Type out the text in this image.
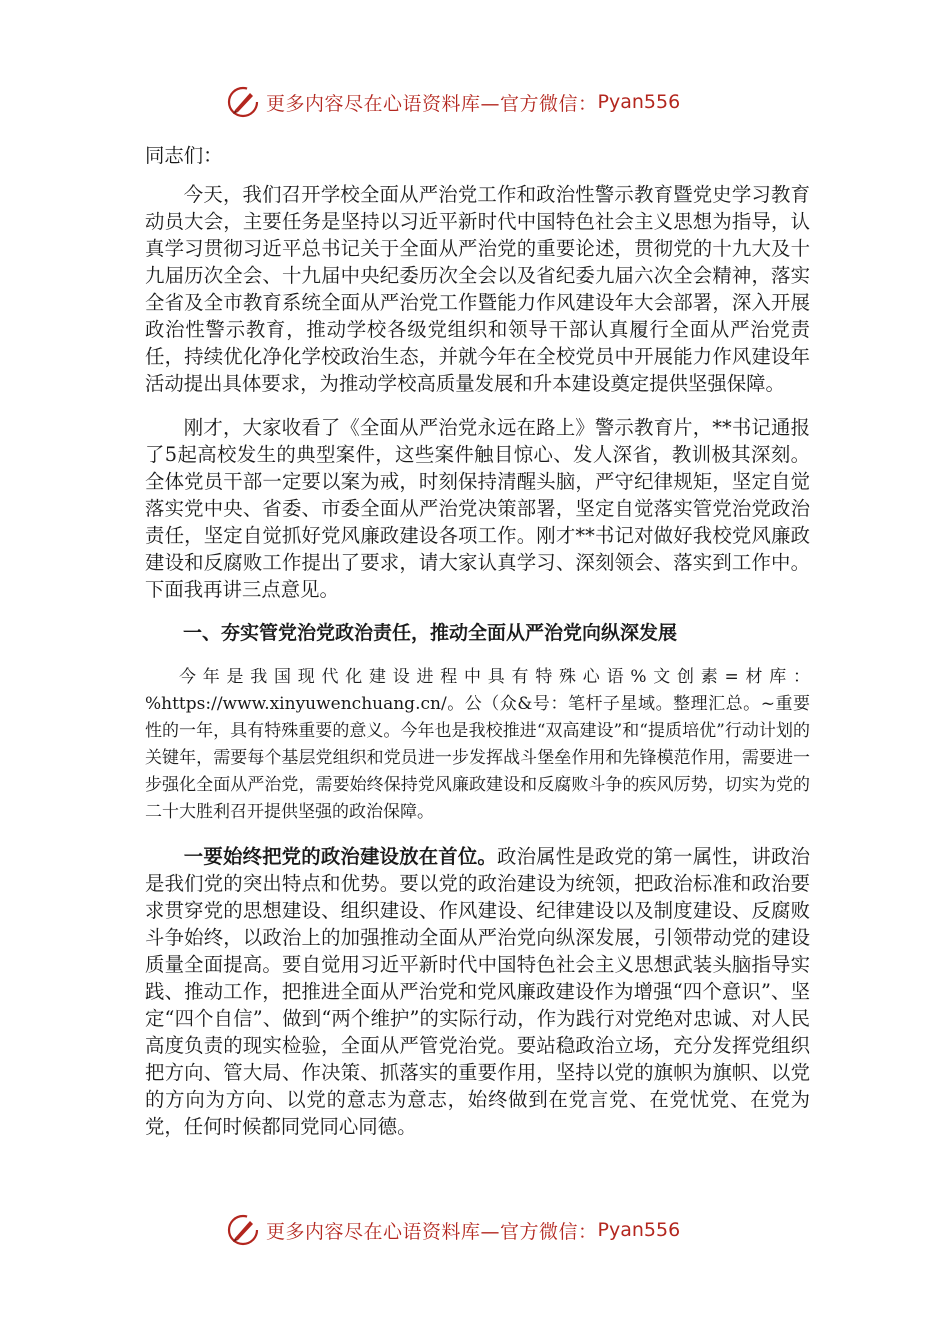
更多内容尽在心语资料库—官方微信： Pyan556

同志们：

今天，我们召开学校全面从严治党工作和政治性警示教育暨党史学习教育动员大会，主要任务是坚持以习近平新时代中国特色社会主义思想为指导，认真学习贯彻习近平总书记关于全面从严治党的重要论述，贯彻党的十九大及十九届历次全会、十九届中央纪委历次全会以及省纪委九届六次全会精神，落实全省及全市教育系统全面从严治党工作暨能力作风建设年大会部署，深入开展政治性警示教育，推动学校各级党组织和领导干部认真履行全面从严治党责任，持续优化净化学校政治生态，并就今年在全校党员中开展能力作风建设年活动提出具体要求，为推动学校高质量发展和升本建设奠定提供坚强保障。

刚才，大家收看了《全面从严治党永远在路上》警示教育片，**书记通报了5起高校发生的典型案件，这些案件触目惊心、发人深省，教训极其深刻。全体党员干部一定要以案为戒，时刻保持清醒头脑，严守纪律规矩，坚定自觉落实党中央、省委、市委全面从严治党决策部署，坚定自觉落实管党治党政治责任，坚定自觉抓好党风廉政建设各项工作。刚才**书记对做好我校党风廉政建设和反腐败工作提出了要求，请大家认真学习、深刻领会、落实到工作中。下面我再讲三点意见。

一、夯实管党治党政治责任，推动全面从严治党向纵深发展

今年是我国现代化建设进程中具有特殊心语%文创素=材库：%https://www.xinyuwenchuang.cn/。公（众&号：笔杆子星域。整理汇总。~重要性的一年，具有特殊重要的意义。今年也是我校推进“双高建设”和“提质培优”行动计划的关键年，需要每个基层党组织和党员进一步发挥战斗堡垒作用和先锋模范作用，需要进一步强化全面从严治党，需要始终保持党风廉政建设和反腐败斗争的疾风厉势，切实为党的二十大胜利召开提供坚强的政治保障。

一要始终把党的政治建设放在首位。政治属性是政党的第一属性，讲政治是我们党的突出特点和优势。要以党的政治建设为统领，把政治标准和政治要求贯穿党的思想建设、组织建设、作风建设、纪律建设以及制度建设、反腐败斗争始终，以政治上的加强推动全面从严治党向纵深发展，引领带动党的建设质量全面提高。要自觉用习近平新时代中国特色社会主义思想武装头脑指导实践、推动工作，把推进全面从严治党和党风廉政建设作为增强“四个意识”、坚定“四个自信”、做到“两个维护”的实际行动，作为践行对党绝对忠诚、对人民高度负责的现实检验，全面从严管党治党。要站稳政治立场，充分发挥党组织把方向、管大局、作决策、抓落实的重要作用，坚持以党的旗帜为旗帜、以党的方向为方向、以党的意志为意志，始终做到在党言党、在党忧党、在党为党，任何时候都同党同心同德。

更多内容尽在心语资料库—官方微信： Pyan556
